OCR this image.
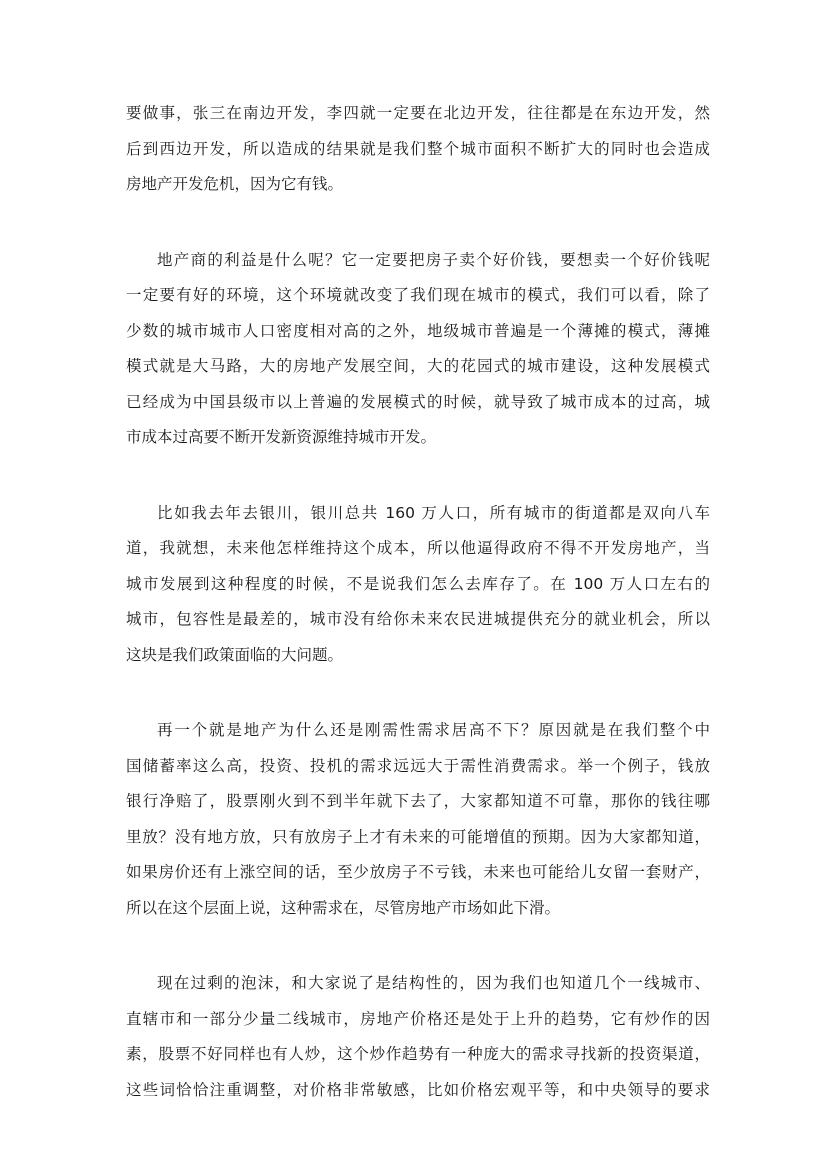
要做事，张三在南边开发，李四就一定要在北边开发，往往都是在东边开发，然
后到西边开发，所以造成的结果就是我们整个城市面积不断扩大的同时也会造成
房地产开发危机，因为它有钱。
地产商的利益是什么呢？它一定要把房子卖个好价钱，要想卖一个好价钱呢
一定要有好的环境，这个环境就改变了我们现在城市的模式，我们可以看，除了
少数的城市城市人口密度相对高的之外，地级城市普遍是一个薄摊的模式，薄摊
模式就是大马路，大的房地产发展空间，大的花园式的城市建设，这种发展模式
已经成为中国县级市以上普遍的发展模式的时候，就导致了城市成本的过高，城
市成本过高要不断开发新资源维持城市开发。
比如我去年去银川，银川总共 160 万人口，所有城市的街道都是双向八车
道，我就想，未来他怎样维持这个成本，所以他逼得政府不得不开发房地产，当
城市发展到这种程度的时候，不是说我们怎么去库存了。在 100 万人口左右的
城市，包容性是最差的，城市没有给你未来农民进城提供充分的就业机会，所以
这块是我们政策面临的大问题。
再一个就是地产为什么还是刚需性需求居高不下？原因就是在我们整个中
国储蓄率这么高，投资、投机的需求远远大于需性消费需求。举一个例子，钱放
银行净赔了，股票刚火到不到半年就下去了，大家都知道不可靠，那你的钱往哪
里放？没有地方放，只有放房子上才有未来的可能增值的预期。因为大家都知道，
如果房价还有上涨空间的话，至少放房子不亏钱，未来也可能给儿女留一套财产，
所以在这个层面上说，这种需求在，尽管房地产市场如此下滑。
现在过剩的泡沫，和大家说了是结构性的，因为我们也知道几个一线城市、
直辖市和一部分少量二线城市，房地产价格还是处于上升的趋势，它有炒作的因
素，股票不好同样也有人炒，这个炒作趋势有一种庞大的需求寻找新的投资渠道，
这些词恰恰注重调整，对价格非常敏感，比如价格宏观平等，和中央领导的要求
